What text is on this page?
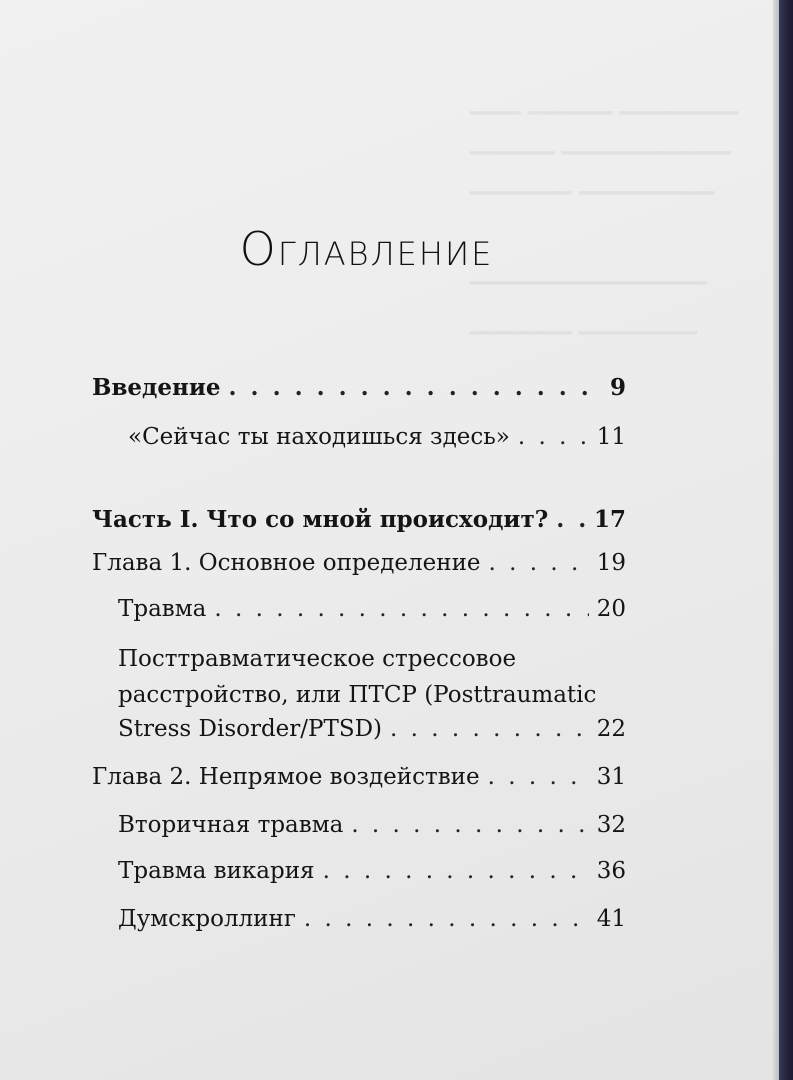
▁▁▁▁▁▁▁ ▁▁▁▁▁ ▁▁▁
▁▁▁▁▁▁▁▁▁▁ ▁▁▁▁▁
▁▁▁▁▁▁▁▁ ▁▁▁▁▁▁
▁▁▁▁▁▁▁▁▁▁▁▁▁▁
▁▁▁▁▁▁▁ ▁▁▁▁▁▁
Оглавление
Введение . . .	9
«Сейчас ты находишься здесь» . . .	11
Часть I. Что со мной происходит? . . . 17
Глава 1. Основное определение . . .	19
Травма . . .	20
Посттравматическое стрессовое
расстройство, или ПТСР (Posttraumatic
Stress Disorder/PTSD) . . .	22
Глава 2. Непрямое воздействие . . .	31
Вторичная травма . . .	32
Травма викария . . .	36
Думскроллинг . . .	41
